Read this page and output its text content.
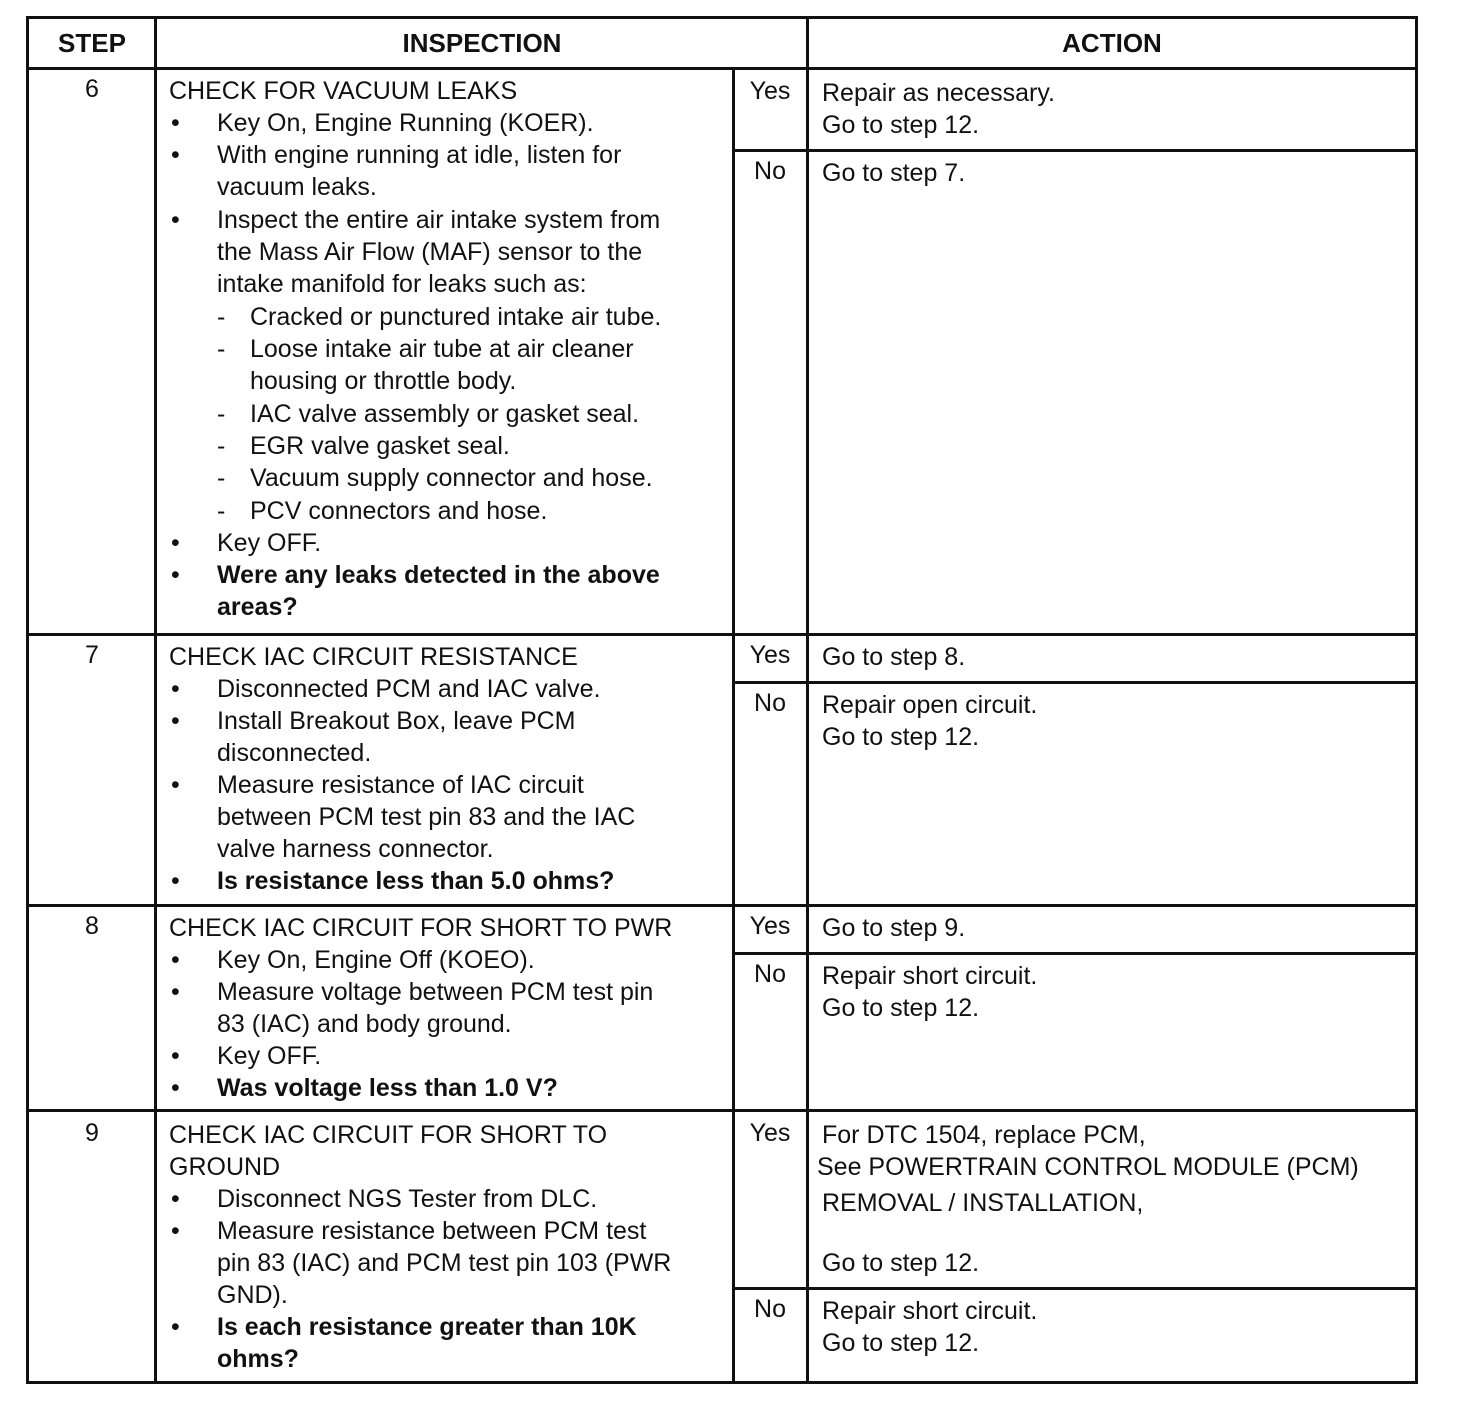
STEP	INSPECTION	ACTION
6	CHECK FOR VACUUM LEAKS
• Key On, Engine Running (KOER).
• With engine running at idle, listen for
vacuum leaks.
• Inspect the entire air intake system from
the Mass Air Flow (MAF) sensor to the
intake manifold for leaks such as:
- Cracked or punctured intake air tube.
- Loose intake air tube at air cleaner
housing or throttle body.
- IAC valve assembly or gasket seal.
- EGR valve gasket seal.
- Vacuum supply connector and hose.
- PCV connectors and hose.
• Key OFF.
• Were any leaks detected in the above
areas?
Yes	Repair as necessary.
Go to step 12.
No	Go to step 7.
7	CHECK IAC CIRCUIT RESISTANCE
• Disconnected PCM and IAC valve.
• Install Breakout Box, leave PCM
disconnected.
• Measure resistance of IAC circuit
between PCM test pin 83 and the IAC
valve harness connector.
• Is resistance less than 5.0 ohms?
Yes	Go to step 8.
No	Repair open circuit.
Go to step 12.
8	CHECK IAC CIRCUIT FOR SHORT TO PWR
• Key On, Engine Off (KOEO).
• Measure voltage between PCM test pin
83 (IAC) and body ground.
• Key OFF.
• Was voltage less than 1.0 V?
Yes	Go to step 9.
No	Repair short circuit.
Go to step 12.
9	CHECK IAC CIRCUIT FOR SHORT TO
GROUND
• Disconnect NGS Tester from DLC.
• Measure resistance between PCM test
pin 83 (IAC) and PCM test pin 103 (PWR
GND).
• Is each resistance greater than 10K
ohms?
Yes	For DTC 1504, replace PCM,
See POWERTRAIN CONTROL MODULE (PCM)
REMOVAL / INSTALLATION,
Go to step 12.
No	Repair short circuit.
Go to step 12.
